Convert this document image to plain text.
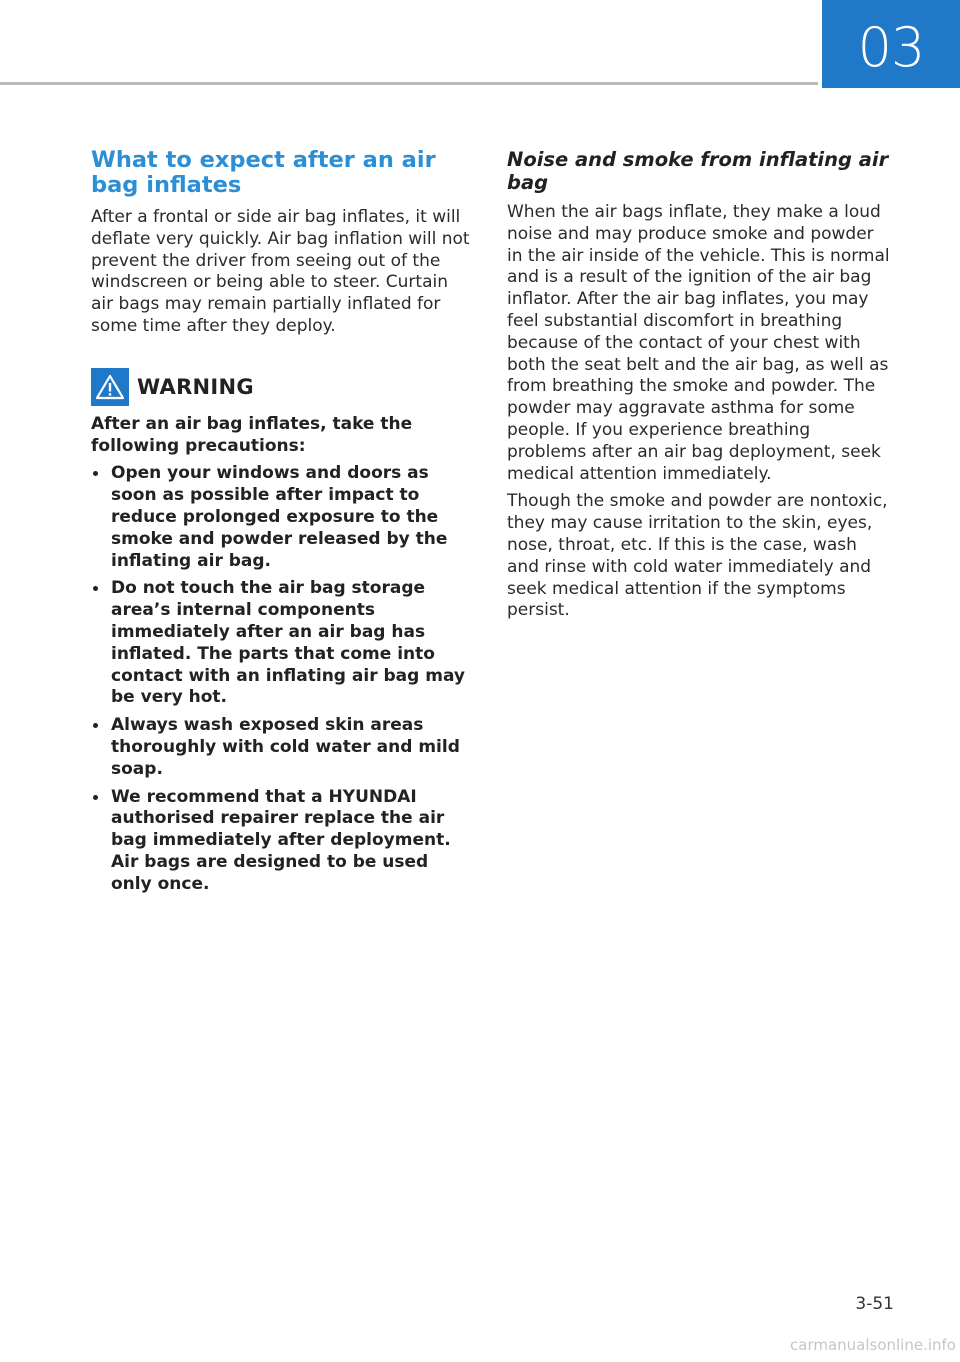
03
What to expect after an air bag inflates

After a frontal or side air bag inflates, it will deflate very quickly. Air bag inflation will not prevent the driver from seeing out of the windscreen or being able to steer. Curtain air bags may remain partially inflated for some time after they deploy.

WARNING

After an air bag inflates, take the following precautions:

Open your windows and doors as soon as possible after impact to reduce prolonged exposure to the smoke and powder released by the inflating air bag.
Do not touch the air bag storage area’s internal components immediately after an air bag has inflated. The parts that come into contact with an inflating air bag may be very hot.
Always wash exposed skin areas thoroughly with cold water and mild soap.
We recommend that a HYUNDAI authorised repairer replace the air bag immediately after deployment. Air bags are designed to be used only once.
Noise and smoke from inflating air bag

When the air bags inflate, they make a loud noise and may produce smoke and powder in the air inside of the vehicle. This is normal and is a result of the ignition of the air bag inflator. After the air bag inflates, you may feel substantial discomfort in breathing because of the contact of your chest with both the seat belt and the air bag, as well as from breathing the smoke and powder. The powder may aggravate asthma for some people. If you experience breathing problems after an air bag deployment, seek medical attention immediately.

Though the smoke and powder are nontoxic, they may cause irritation to the skin, eyes, nose, throat, etc. If this is the case, wash and rinse with cold water immediately and seek medical attention if the symptoms persist.

3-51
carmanualsonline.info
